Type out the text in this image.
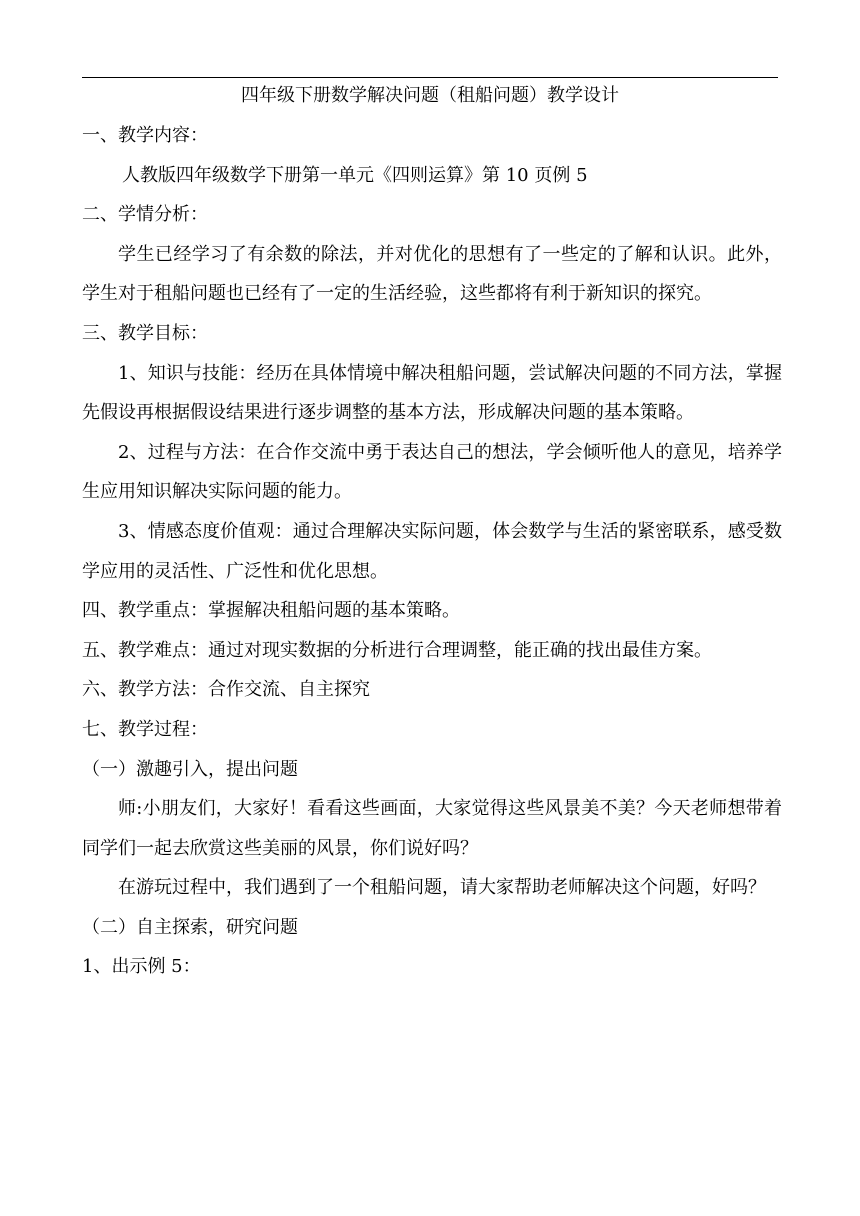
四年级下册数学解决问题（租船问题）教学设计

一、教学内容：

人教版四年级数学下册第一单元《四则运算》第 10 页例 5

二、学情分析：

学生已经学习了有余数的除法，并对优化的思想有了一些定的了解和认识。此外，学生对于租船问题也已经有了一定的生活经验，这些都将有利于新知识的探究。

三、教学目标：

1、知识与技能：经历在具体情境中解决租船问题，尝试解决问题的不同方法，掌握先假设再根据假设结果进行逐步调整的基本方法，形成解决问题的基本策略。

2、过程与方法：在合作交流中勇于表达自己的想法，学会倾听他人的意见，培养学生应用知识解决实际问题的能力。

3、情感态度价值观：通过合理解决实际问题，体会数学与生活的紧密联系，感受数学应用的灵活性、广泛性和优化思想。

四、教学重点：掌握解决租船问题的基本策略。

五、教学难点：通过对现实数据的分析进行合理调整，能正确的找出最佳方案。

六、教学方法：合作交流、自主探究

七、教学过程：

（一）激趣引入，提出问题

师:小朋友们，大家好！看看这些画面，大家觉得这些风景美不美？今天老师想带着同学们一起去欣赏这些美丽的风景，你们说好吗？

在游玩过程中，我们遇到了一个租船问题，请大家帮助老师解决这个问题，好吗？

（二）自主探索，研究问题

1、出示例 5：
